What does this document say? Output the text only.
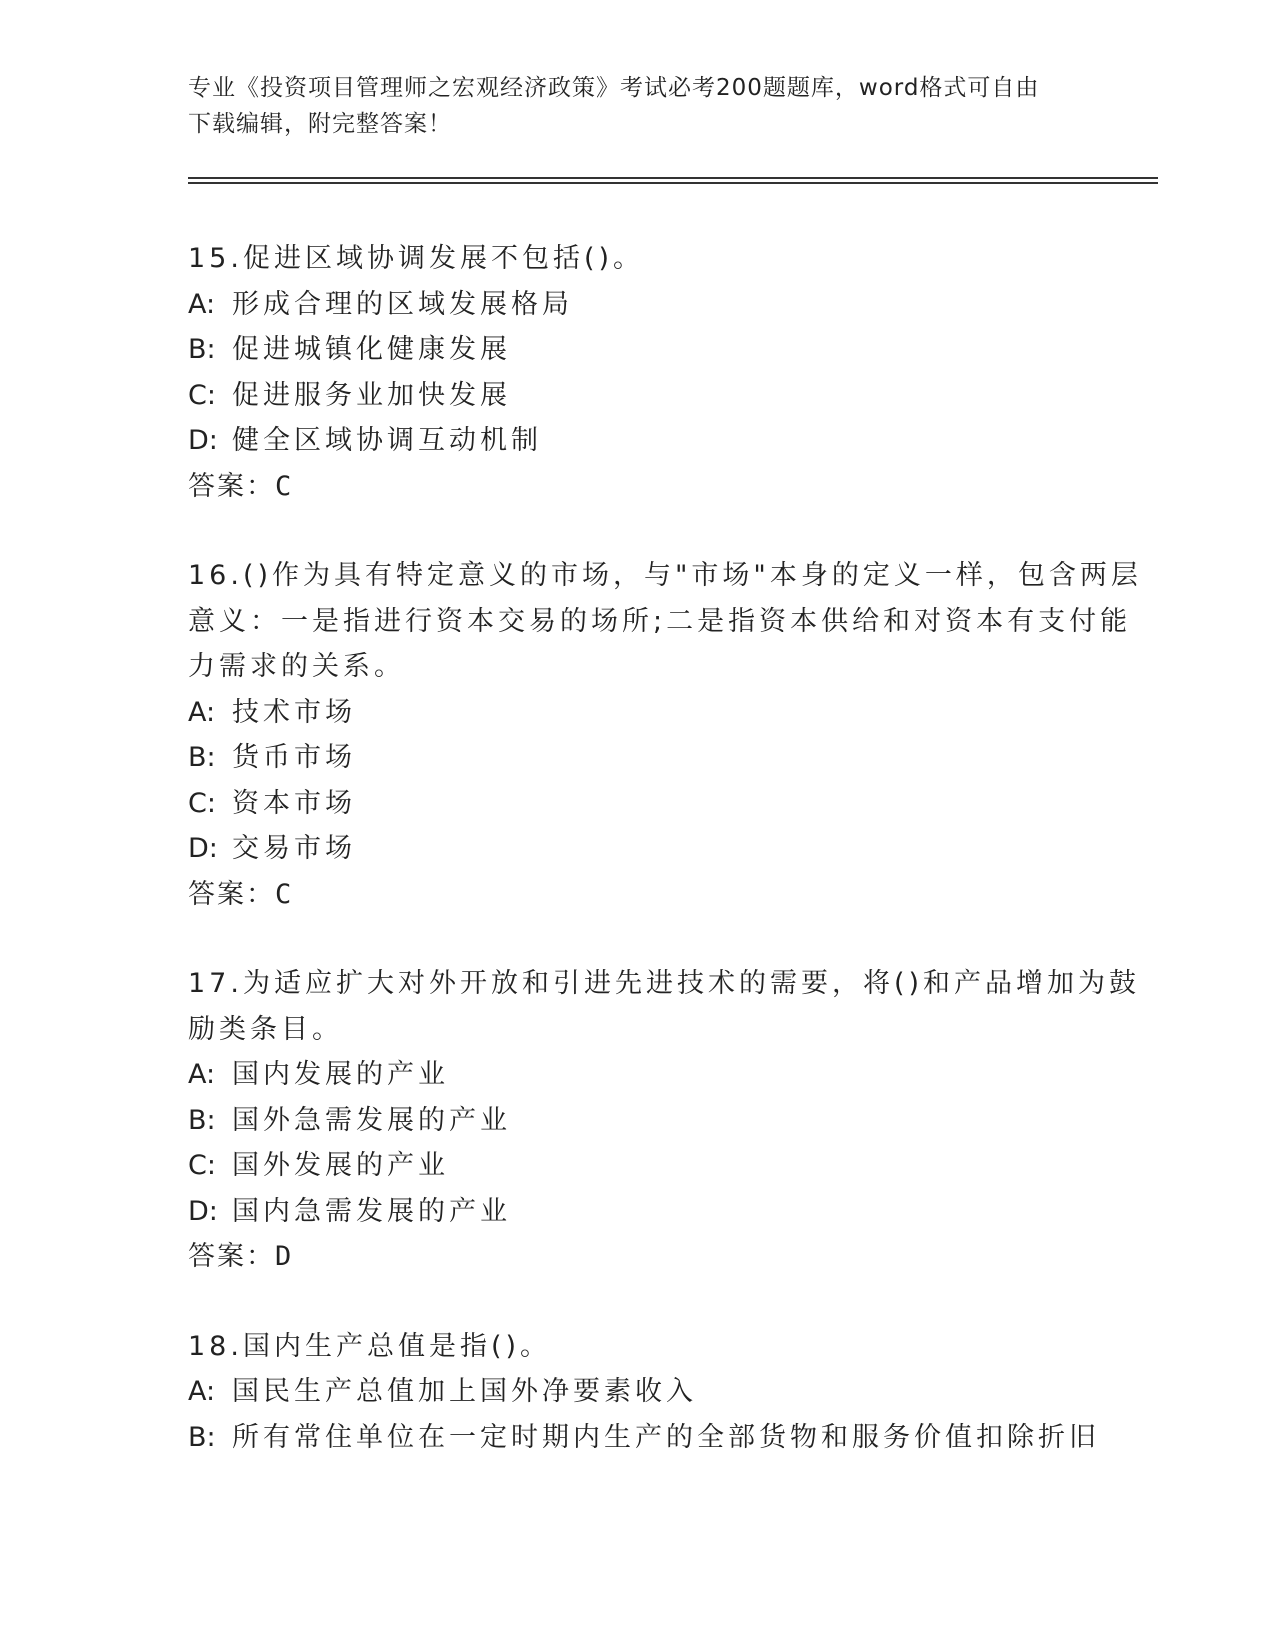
专业《投资项目管理师之宏观经济政策》考试必考200题题库，word格式可自由
下载编辑，附完整答案！
15.促进区域协调发展不包括()。
A: 形成合理的区域发展格局
B: 促进城镇化健康发展
C: 促进服务业加快发展
D: 健全区域协调互动机制
答案：C
16.()作为具有特定意义的市场，与"市场"本身的定义一样，包含两层
意义：一是指进行资本交易的场所;二是指资本供给和对资本有支付能
力需求的关系。
A: 技术市场
B: 货币市场
C: 资本市场
D: 交易市场
答案：C
17.为适应扩大对外开放和引进先进技术的需要，将()和产品增加为鼓
励类条目。
A: 国内发展的产业
B: 国外急需发展的产业
C: 国外发展的产业
D: 国内急需发展的产业
答案：D
18.国内生产总值是指()。
A: 国民生产总值加上国外净要素收入
B: 所有常住单位在一定时期内生产的全部货物和服务价值扣除折旧
